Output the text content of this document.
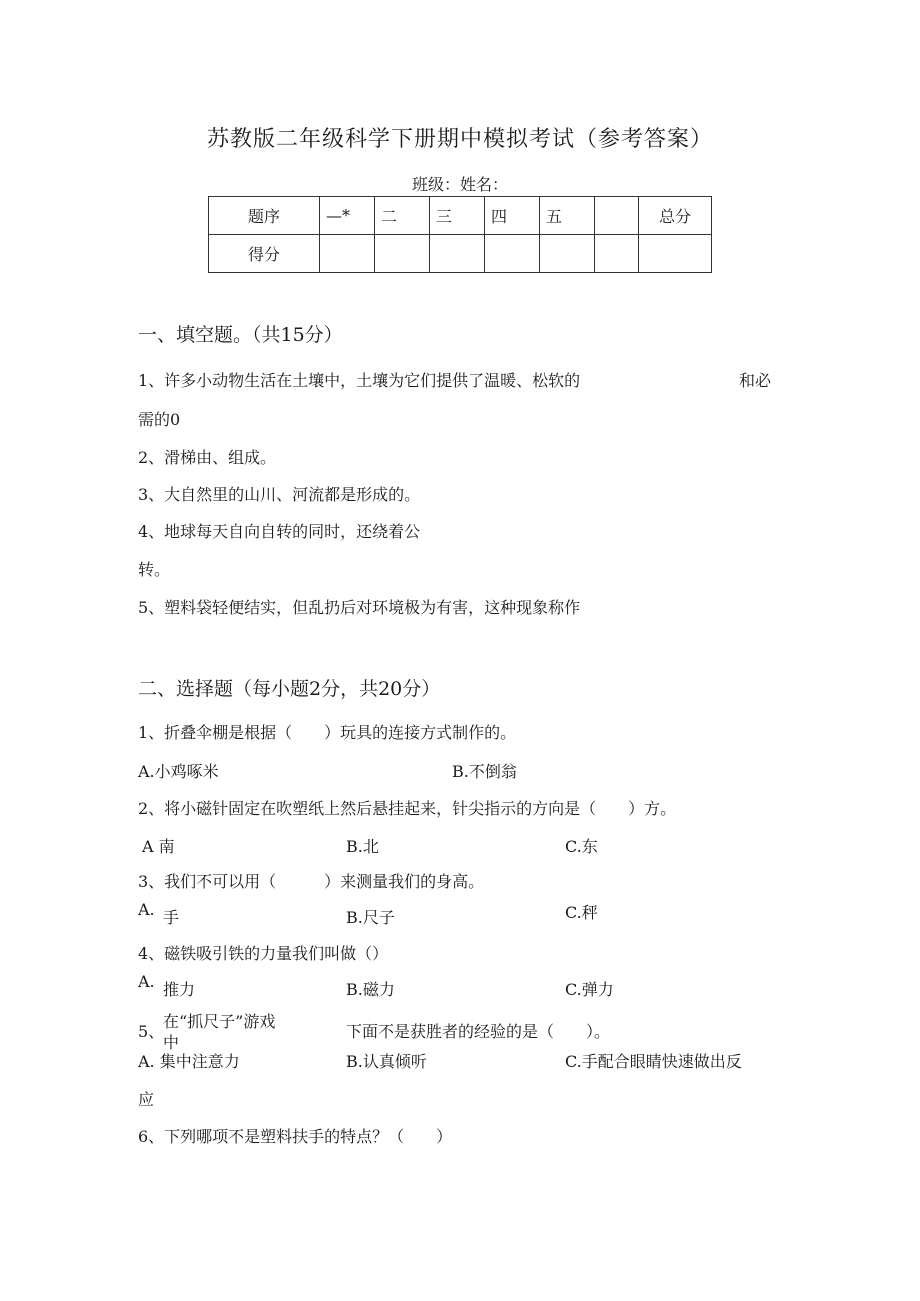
苏教版二年级科学下册期中模拟考试（参考答案）
班级：姓名：
题序	—*	二	三	四	五		总分
得分							
一、填空题。（共15分）
1、许多小动物生活在土壤中，土壤为它们提供了温暖、松软的	和必
需的0
2、滑梯由、组成。
3、大自然里的山川、河流都是形成的。
4、地球每天自向自转的同时，还绕着公
转。
5、塑料袋轻便结实，但乱扔后对环境极为有害，这种现象称作
二、选择题（每小题2分，共20分）
1、折叠伞棚是根据（　　）玩具的连接方式制作的。
A.小鸡啄米	B.不倒翁
2、将小磁针固定在吹塑纸上然后悬挂起来，针尖指示的方向是（　　）方。
A 南	B.北	C.东
3、我们不可以用（　　　）来测量我们的身高。
A. 手	B.尺子	C.秤
4、磁铁吸引铁的力量我们叫做（）
A. 推力	B.磁力	C.弹力
5、
在“抓尺子”游戏
中
下面不是获胜者的经验的是（　　）。
A. 集中注意力	B.认真倾听	C.手配合眼睛快速做出反
应
6、下列哪项不是塑料扶手的特点？（　　）
